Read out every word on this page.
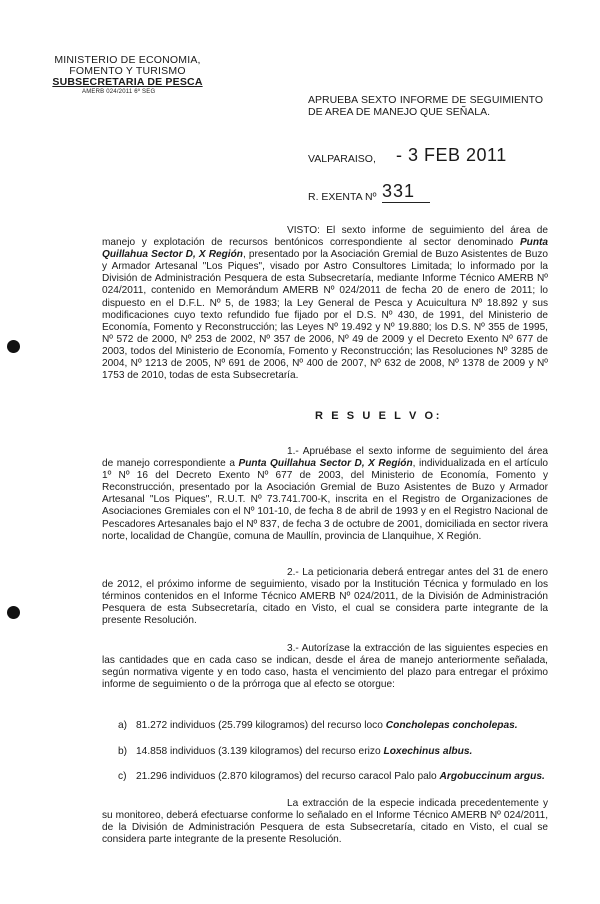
MINISTERIO DE ECONOMIA,
FOMENTO Y TURISMO
SUBSECRETARIA DE PESCA
AMERB 024/2011 6º SEG
APRUEBA SEXTO INFORME DE SEGUIMIENTO DE AREA DE MANEJO QUE SEÑALA.
VALPARAISO, - 3 FEB 2011
R. EXENTA Nº 331
VISTO: El sexto informe de seguimiento del área de manejo y explotación de recursos bentónicos correspondiente al sector denominado Punta Quillahua Sector D, X Región, presentado por la Asociación Gremial de Buzo Asistentes de Buzo y Armador Artesanal "Los Piques", visado por Astro Consultores Limitada; lo informado por la División de Administración Pesquera de esta Subsecretaría, mediante Informe Técnico AMERB Nº 024/2011, contenido en Memorándum AMERB Nº 024/2011 de fecha 20 de enero de 2011; lo dispuesto en el D.F.L. Nº 5, de 1983; la Ley General de Pesca y Acuicultura Nº 18.892 y sus modificaciones cuyo texto refundido fue fijado por el D.S. Nº 430, de 1991, del Ministerio de Economía, Fomento y Reconstrucción; las Leyes Nº 19.492 y Nº 19.880; los D.S. Nº 355 de 1995, Nº 572 de 2000, Nº 253 de 2002, Nº 357 de 2006, Nº 49 de 2009 y el Decreto Exento Nº 677 de 2003, todos del Ministerio de Economía, Fomento y Reconstrucción; las Resoluciones Nº 3285 de 2004, Nº 1213 de 2005, Nº 691 de 2006, Nº 400 de 2007, Nº 632 de 2008, Nº 1378 de 2009 y Nº 1753 de 2010, todas de esta Subsecretaría.
R E S U E L V O:
1.- Apruébase el sexto informe de seguimiento del área de manejo correspondiente a Punta Quillahua Sector D, X Región, individualizada en el artículo 1º Nº 16 del Decreto Exento Nº 677 de 2003, del Ministerio de Economía, Fomento y Reconstrucción, presentado por la Asociación Gremial de Buzo Asistentes de Buzo y Armador Artesanal "Los Piques", R.U.T. Nº 73.741.700-K, inscrita en el Registro de Organizaciones de Asociaciones Gremiales con el Nº 101-10, de fecha 8 de abril de 1993 y en el Registro Nacional de Pescadores Artesanales bajo el Nº 837, de fecha 3 de octubre de 2001, domiciliada en sector rivera norte, localidad de Changüe, comuna de Maullín, provincia de Llanquihue, X Región.
2.- La peticionaria deberá entregar antes del 31 de enero de 2012, el próximo informe de seguimiento, visado por la Institución Técnica y formulado en los términos contenidos en el Informe Técnico AMERB Nº 024/2011, de la División de Administración Pesquera de esta Subsecretaría, citado en Visto, el cual se considera parte integrante de la presente Resolución.
3.- Autorízase la extracción de las siguientes especies en las cantidades que en cada caso se indican, desde el área de manejo anteriormente señalada, según normativa vigente y en todo caso, hasta el vencimiento del plazo para entregar el próximo informe de seguimiento o de la prórroga que al efecto se otorgue:
a) 81.272 individuos (25.799 kilogramos) del recurso loco Concholepas concholepas.
b) 14.858 individuos (3.139 kilogramos) del recurso erizo Loxechinus albus.
c) 21.296 individuos (2.870 kilogramos) del recurso caracol Palo palo Argobuccinum argus.
La extracción de la especie indicada precedentemente y su monitoreo, deberá efectuarse conforme lo señalado en el Informe Técnico AMERB Nº 024/2011, de la División de Administración Pesquera de esta Subsecretaría, citado en Visto, el cual se considera parte integrante de la presente Resolución.
